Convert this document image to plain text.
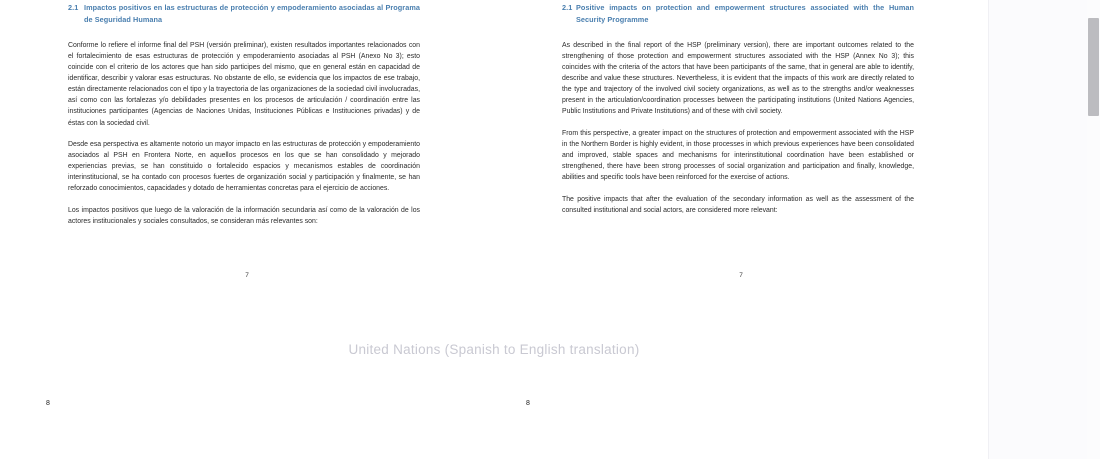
2.1 Impactos positivos en las estructuras de protección y empoderamiento asociadas al Programa de Seguridad Humana

Conforme lo refiere el informe final del PSH (versión preliminar), existen resultados importantes relacionados con el fortalecimiento de esas estructuras de protección y empoderamiento asociadas al PSH (Anexo No 3); esto coincide con el criterio de los actores que han sido participes del mismo, que en general están en capacidad de identificar, describir y valorar esas estructuras. No obstante de ello, se evidencia que los impactos de ese trabajo, están directamente relacionados con el tipo y la trayectoria de las organizaciones de la sociedad civil involucradas, así como con las fortalezas y/o debilidades presentes en los procesos de articulación / coordinación entre las instituciones participantes (Agencias de Naciones Unidas, Instituciones Públicas e Instituciones privadas) y de éstas con la sociedad civil.

Desde esa perspectiva es altamente notorio un mayor impacto en las estructuras de protección y empoderamiento asociados al PSH en Frontera Norte, en aquellos procesos en los que se han consolidado y mejorado experiencias previas, se han constituido o fortalecido espacios y mecanismos estables de coordinación interinstitucional, se ha contado con procesos fuertes de organización social y participación y finalmente, se han reforzado conocimientos, capacidades y dotado de herramientas concretas para el ejercicio de acciones.

Los impactos positivos que luego de la valoración de la información secundaria así como de la valoración de los actores institucionales y sociales consultados, se consideran más relevantes son:

7
2.1 Positive impacts on protection and empowerment structures associated with the Human Security Programme

As described in the final report of the HSP (preliminary version), there are important outcomes related to the strengthening of those protection and empowerment structures associated with the HSP (Annex No 3); this coincides with the criteria of the actors that have been participants of the same, that in general are able to identify, describe and value these structures. Nevertheless, it is evident that the impacts of this work are directly related to the type and trajectory of the involved civil society organizations, as well as to the strengths and/or weaknesses present in the articulation/coordination processes between the participating institutions (United Nations Agencies, Public Institutions and Private Institutions) and of these with civil society.

From this perspective, a greater impact on the structures of protection and empowerment associated with the HSP in the Northern Border is highly evident, in those processes in which previous experiences have been consolidated and improved, stable spaces and mechanisms for interinstitutional coordination have been established or strengthened, there have been strong processes of social organization and participation and finally, knowledge, abilities and specific tools have been reinforced for the exercise of actions.

The positive impacts that after the evaluation of the secondary information as well as the assessment of the consulted institutional and social actors, are considered more relevant:

7
United Nations (Spanish to English translation)
8	8
